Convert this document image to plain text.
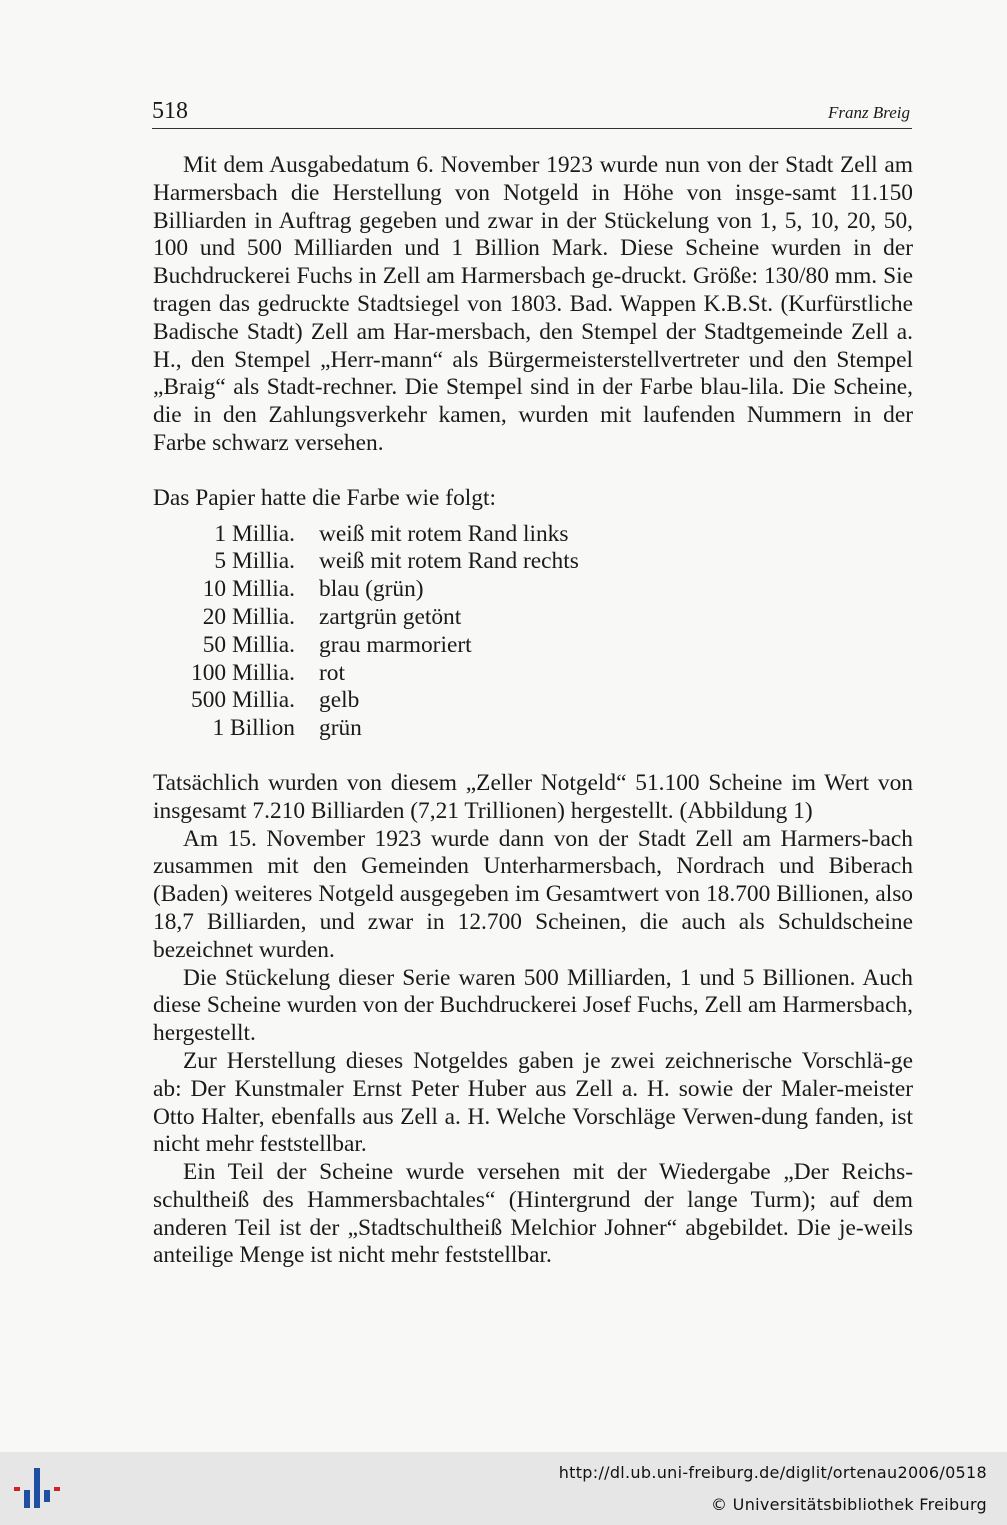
518	Franz Breig

Mit dem Ausgabedatum 6. November 1923 wurde nun von der Stadt Zell am Harmersbach die Herstellung von Notgeld in Höhe von insge-samt 11.150 Billiarden in Auftrag gegeben und zwar in der Stückelung von 1, 5, 10, 20, 50, 100 und 500 Milliarden und 1 Billion Mark. Diese Scheine wurden in der Buchdruckerei Fuchs in Zell am Harmersbach ge-druckt. Größe: 130/80 mm. Sie tragen das gedruckte Stadtsiegel von 1803. Bad. Wappen K.B.St. (Kurfürstliche Badische Stadt) Zell am Har-mersbach, den Stempel der Stadtgemeinde Zell a. H., den Stempel „Herr-mann“ als Bürgermeisterstellvertreter und den Stempel „Braig“ als Stadt-rechner. Die Stempel sind in der Farbe blau-lila. Die Scheine, die in den Zahlungsverkehr kamen, wurden mit laufenden Nummern in der Farbe schwarz versehen.

Das Papier hatte die Farbe wie folgt:

1 Millia.	weiß mit rotem Rand links
5 Millia.	weiß mit rotem Rand rechts
10 Millia.	blau (grün)
20 Millia.	zartgrün getönt
50 Millia.	grau marmoriert
100 Millia.	rot
500 Millia.	gelb
1 Billion	grün

Tatsächlich wurden von diesem „Zeller Notgeld“ 51.100 Scheine im Wert von insgesamt 7.210 Billiarden (7,21 Trillionen) hergestellt. (Abbildung 1)

Am 15. November 1923 wurde dann von der Stadt Zell am Harmers-bach zusammen mit den Gemeinden Unterharmersbach, Nordrach und Biberach (Baden) weiteres Notgeld ausgegeben im Gesamtwert von 18.700 Billionen, also 18,7 Billiarden, und zwar in 12.700 Scheinen, die auch als Schuldscheine bezeichnet wurden.

Die Stückelung dieser Serie waren 500 Milliarden, 1 und 5 Billionen. Auch diese Scheine wurden von der Buchdruckerei Josef Fuchs, Zell am Harmersbach, hergestellt.

Zur Herstellung dieses Notgeldes gaben je zwei zeichnerische Vorschlä-ge ab: Der Kunstmaler Ernst Peter Huber aus Zell a. H. sowie der Maler-meister Otto Halter, ebenfalls aus Zell a. H. Welche Vorschläge Verwen-dung fanden, ist nicht mehr feststellbar.

Ein Teil der Scheine wurde versehen mit der Wiedergabe „Der Reichs-schultheiß des Hammersbachtales“ (Hintergrund der lange Turm); auf dem anderen Teil ist der „Stadtschultheiß Melchior Johner“ abgebildet. Die je-weils anteilige Menge ist nicht mehr feststellbar.

http://dl.ub.uni-freiburg.de/diglit/ortenau2006/0518
© Universitätsbibliothek Freiburg
